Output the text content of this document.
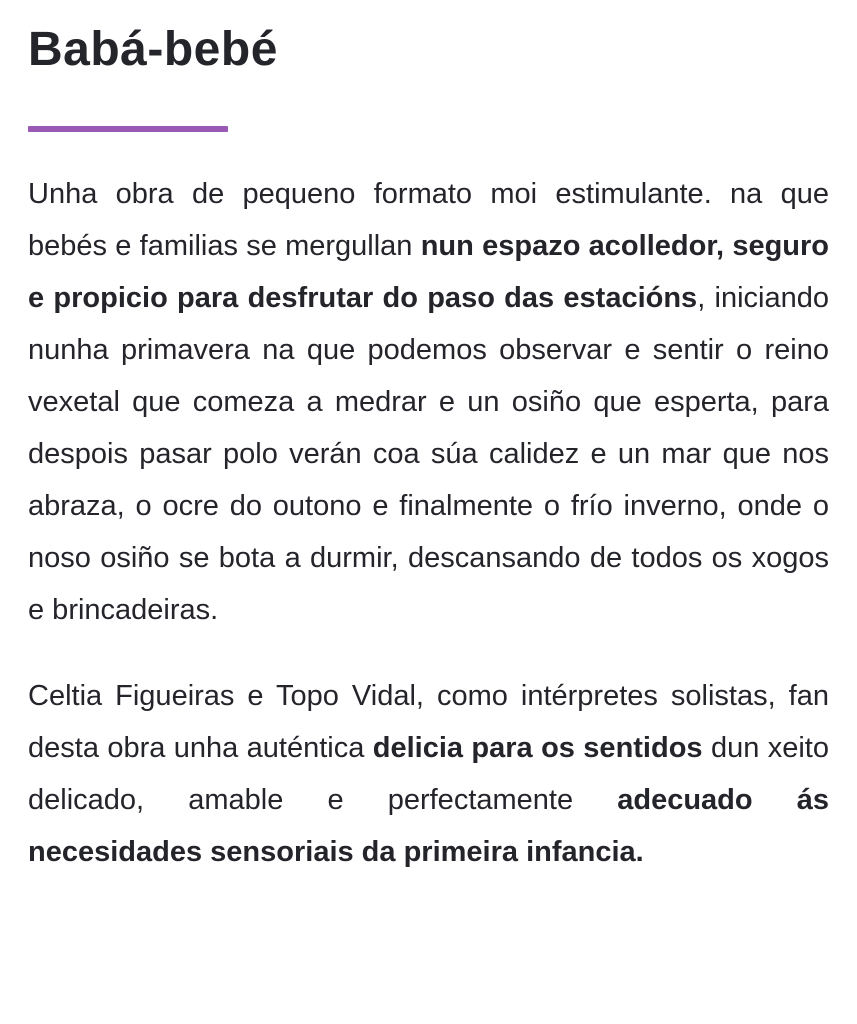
Babá-bebé

Unha obra de pequeno formato moi estimulante. na que bebés e familias se mergullan nun espazo acolledor, seguro e propicio para desfrutar do paso das estacións, iniciando nunha primavera na que podemos observar e sentir o reino vexetal que comeza a medrar e un osiño que esperta, para despois pasar polo verán coa súa calidez e un mar que nos abraza, o ocre do outono e finalmente o frío inverno, onde o noso osiño se bota a durmir, descansando de todos os xogos e brincadeiras.

Celtia Figueiras e Topo Vidal, como intérpretes solistas, fan desta obra unha auténtica delicia para os sentidos dun xeito delicado, amable e perfectamente adecuado ás necesidades sensoriais da primeira infancia.
